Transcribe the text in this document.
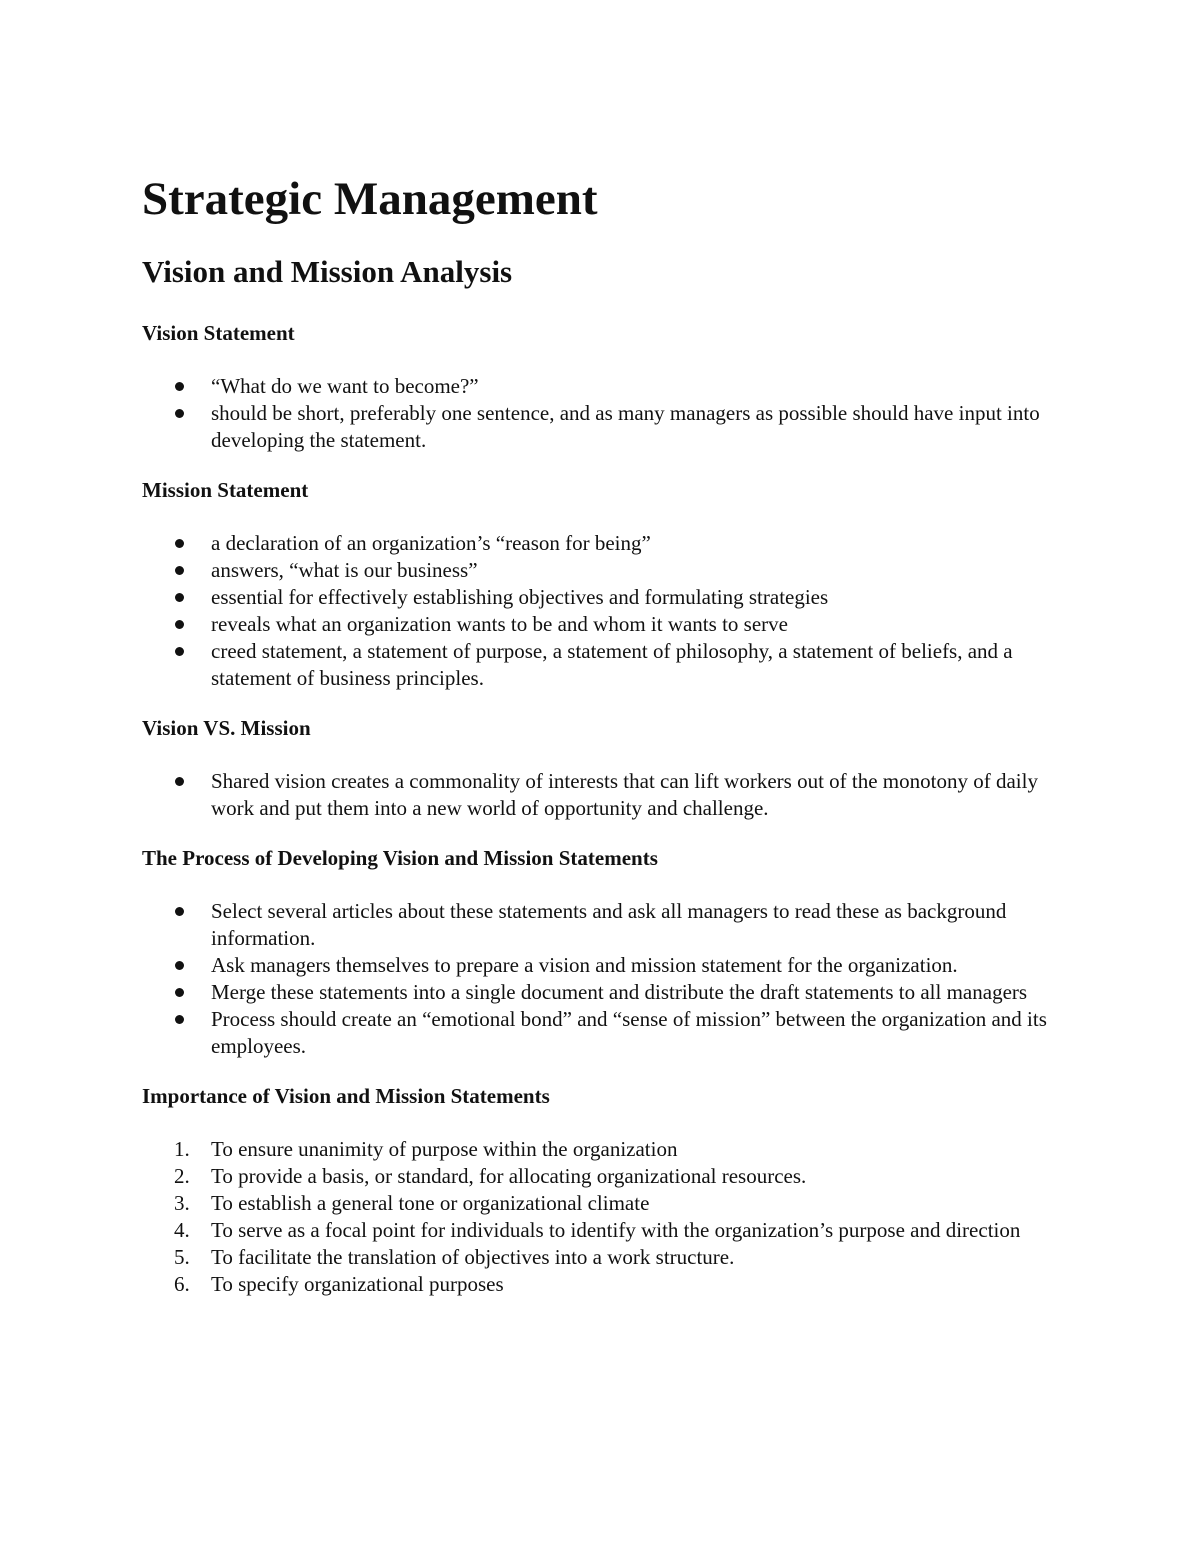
Strategic Management
Vision and Mission Analysis
Vision Statement
“What do we want to become?”
should be short, preferably one sentence, and as many managers as possible should have input into developing the statement.
Mission Statement
a declaration of an organization’s “reason for being”
answers, “what is our business”
essential for effectively establishing objectives and formulating strategies
reveals what an organization wants to be and whom it wants to serve
creed statement, a statement of purpose, a statement of philosophy, a statement of beliefs, and a statement of business principles.
Vision VS. Mission
Shared vision creates a commonality of interests that can lift workers out of the monotony of daily work and put them into a new world of opportunity and challenge.
The Process of Developing Vision and Mission Statements
Select several articles about these statements and ask all managers to read these as background information.
Ask managers themselves to prepare a vision and mission statement for the organization.
Merge these statements into a single document and distribute the draft statements to all managers
Process should create an “emotional bond” and “sense of mission” between the organization and its employees.
Importance of Vision and Mission Statements
1. To ensure unanimity of purpose within the organization
2. To provide a basis, or standard, for allocating organizational resources.
3. To establish a general tone or organizational climate
4. To serve as a focal point for individuals to identify with the organization’s purpose and direction
5. To facilitate the translation of objectives into a work structure.
6. To specify organizational purposes
